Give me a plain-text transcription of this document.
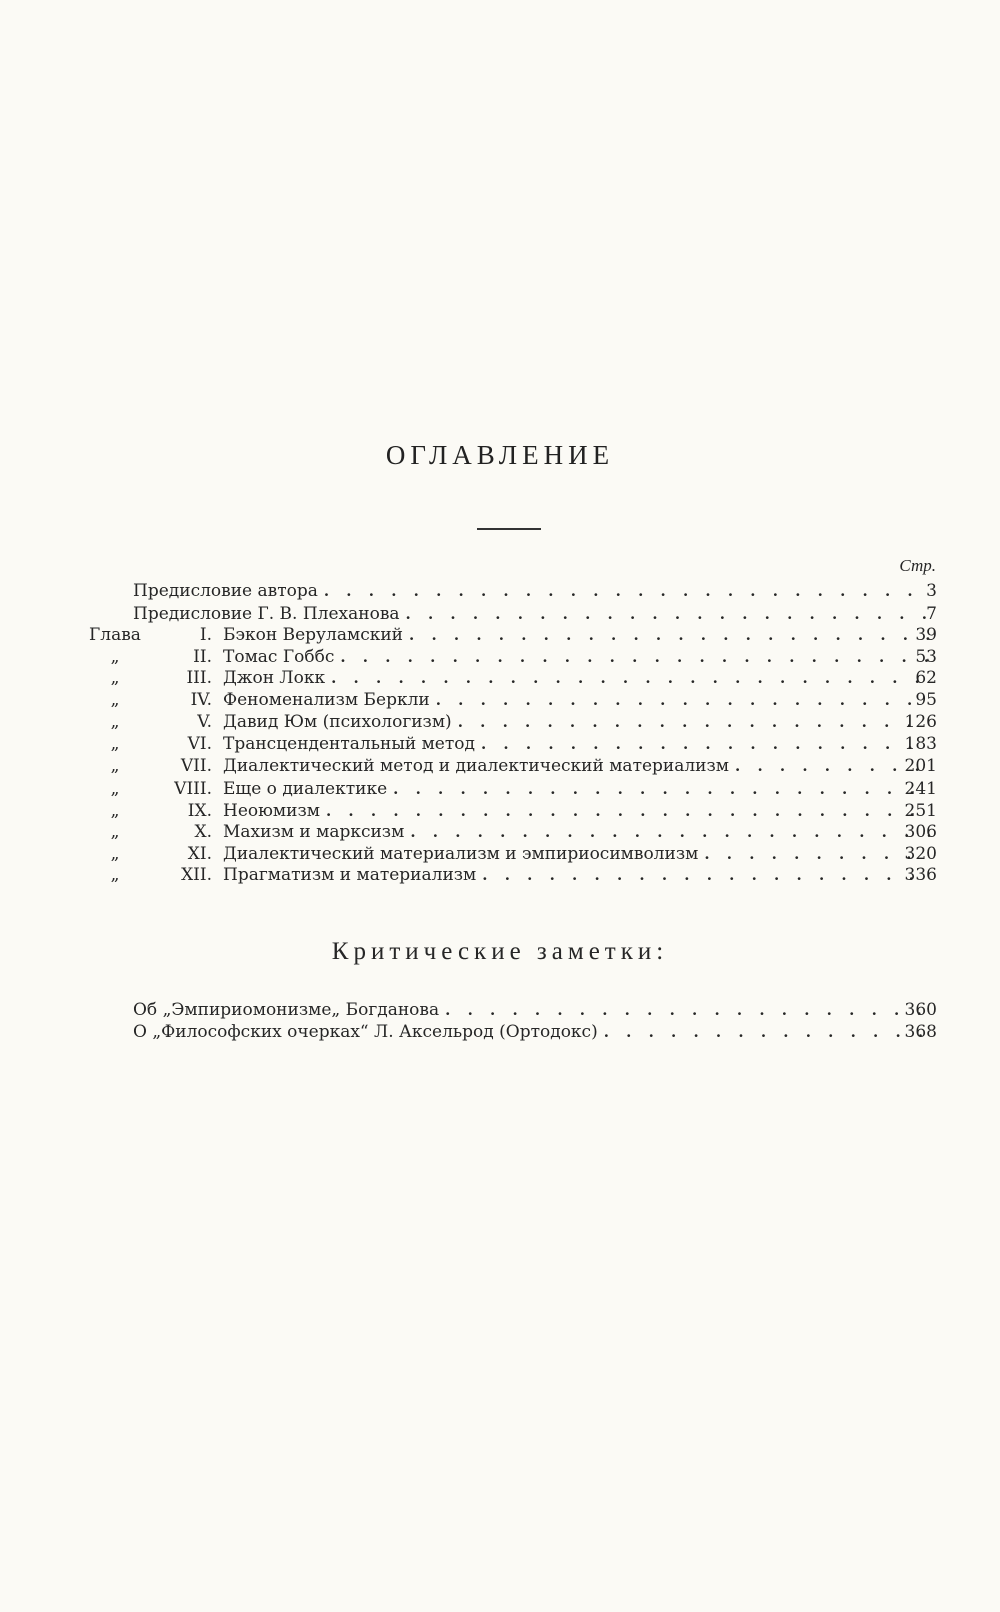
ОГЛАВЛЕНИЕ
Стр.
Предисловие автора . . .	3
Предисловие Г. В. Плеханова . . .	7
Глава	I. Бэкон Веруламский . . .	39
„	II. Томас Гоббс . . .	53
„	III. Джон Локк . . .	62
„	IV. Феноменализм Беркли . . .	95
„	V. Давид Юм (психологизм) . . .	126
„	VI. Трансцендентальный метод . . .	183
„	VII. Диалектический метод и диалектический материализм . . .	201
„	VIII. Еще о диалектике . . .	241
„	IX. Неоюмизм . . .	251
„	X. Махизм и марксизм . . .	306
„	XI. Диалектический материализм и эмпириосимволизм . . .	320
„	XII. Прагматизм и материализм . . .	336
Критические заметки:
Об „Эмпириомонизме„ Богданова . . .	360
О „Философских очерках“ Л. Аксельрод (Ортодокс) . . .	368
